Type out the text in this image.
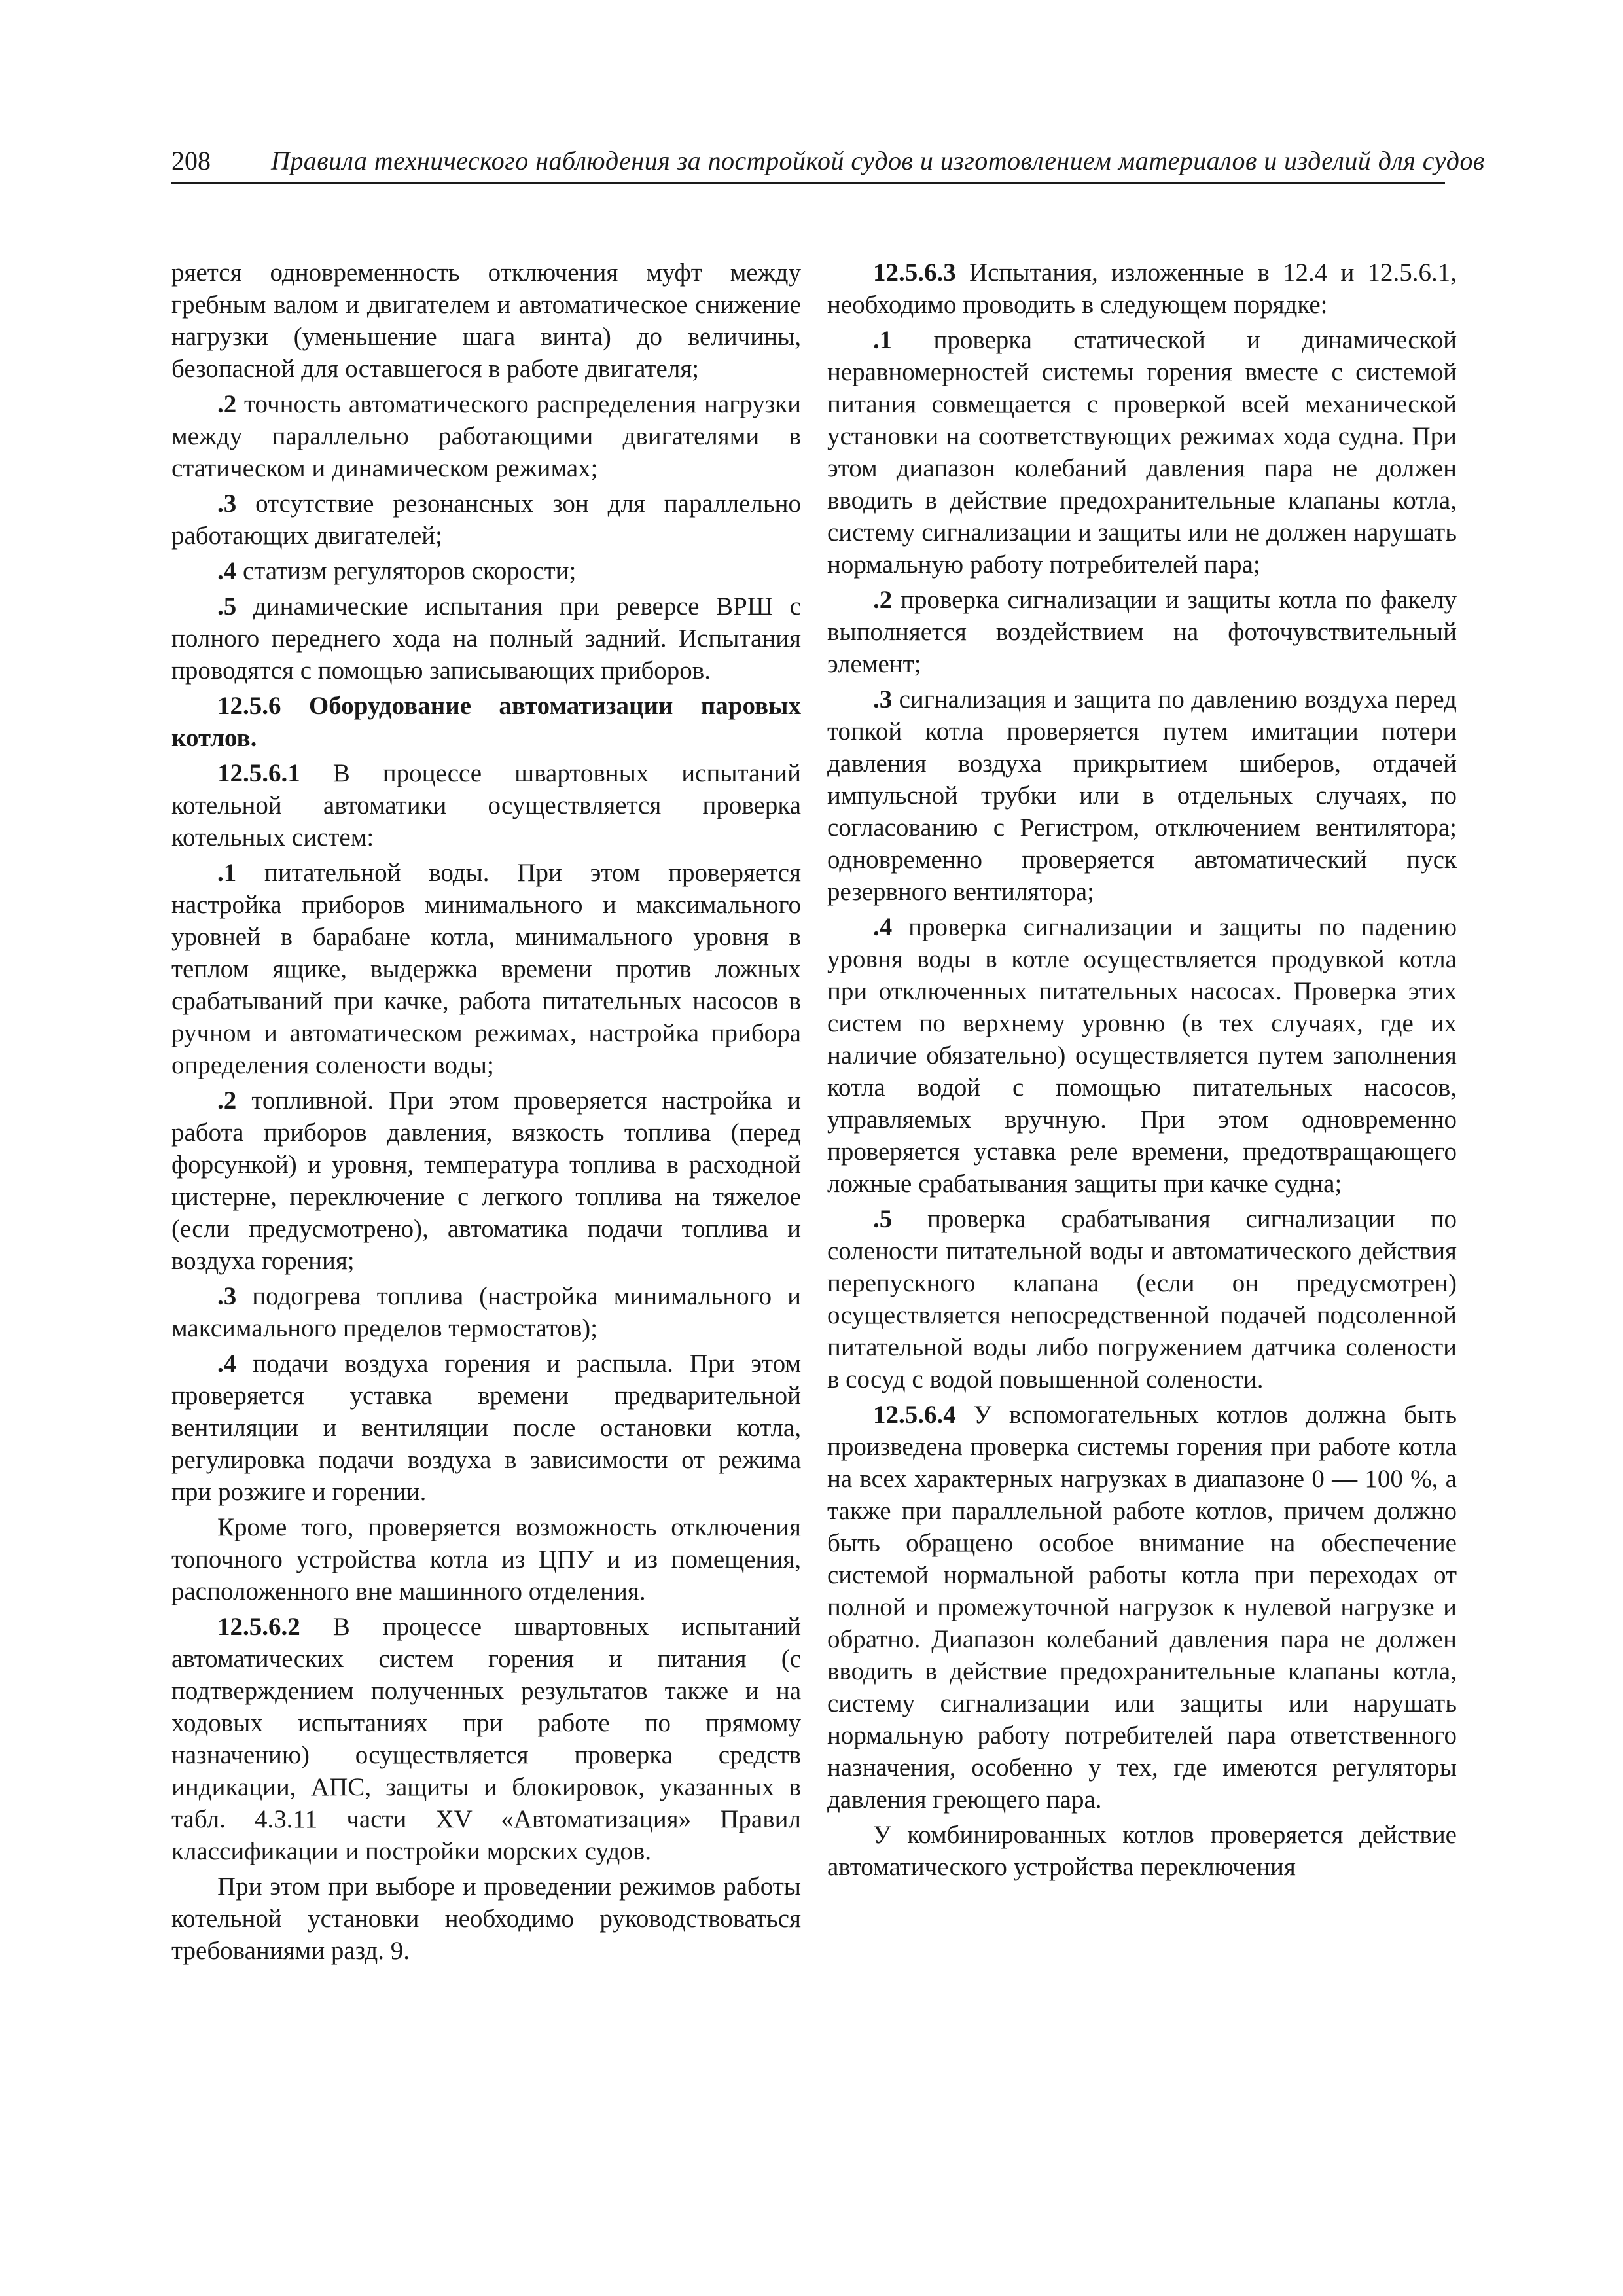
208 Правила технического наблюдения за постройкой судов и изготовлением материалов и изделий для судов

ряется одновременность отключения муфт между гребным валом и двигателем и автоматическое снижение нагрузки (уменьшение шага винта) до величины, безопасной для оставшегося в работе двигателя;

.2 точность автоматического распределения нагрузки между параллельно работающими двигателями в статическом и динамическом режимах;

.3 отсутствие резонансных зон для параллельно работающих двигателей;

.4 статизм регуляторов скорости;

.5 динамические испытания при реверсе ВРШ с полного переднего хода на полный задний. Испытания проводятся с помощью записывающих приборов.

12.5.6 Оборудование автоматизации паровых котлов.

12.5.6.1 В процессе швартовных испытаний котельной автоматики осуществляется проверка котельных систем:

.1 питательной воды. При этом проверяется настройка приборов минимального и максимального уровней в барабане котла, минимального уровня в теплом ящике, выдержка времени против ложных срабатываний при качке, работа питательных насосов в ручном и автоматическом режимах, настройка прибора определения солености воды;

.2 топливной. При этом проверяется настройка и работа приборов давления, вязкость топлива (перед форсункой) и уровня, температура топлива в расходной цистерне, переключение с легкого топлива на тяжелое (если предусмотрено), автоматика подачи топлива и воздуха горения;

.3 подогрева топлива (настройка минимального и максимального пределов термостатов);

.4 подачи воздуха горения и распыла. При этом проверяется уставка времени предварительной вентиляции и вентиляции после остановки котла, регулировка подачи воздуха в зависимости от режима при розжиге и горении.

Кроме того, проверяется возможность отключения топочного устройства котла из ЦПУ и из помещения, расположенного вне машинного отделения.

12.5.6.2 В процессе швартовных испытаний автоматических систем горения и питания (с подтверждением полученных результатов также и на ходовых испытаниях при работе по прямому назначению) осуществляется проверка средств индикации, АПС, защиты и блокировок, указанных в табл. 4.3.11 части XV «Автоматизация» Правил классификации и постройки морских судов.

При этом при выборе и проведении режимов работы котельной установки необходимо руководствоваться требованиями разд. 9.

12.5.6.3 Испытания, изложенные в 12.4 и 12.5.6.1, необходимо проводить в следующем порядке:

.1 проверка статической и динамической неравномерностей системы горения вместе с системой питания совмещается с проверкой всей механической установки на соответствующих режимах хода судна. При этом диапазон колебаний давления пара не должен вводить в действие предохранительные клапаны котла, систему сигнализации и защиты или не должен нарушать нормальную работу потребителей пара;

.2 проверка сигнализации и защиты котла по факелу выполняется воздействием на фоточувствительный элемент;

.3 сигнализация и защита по давлению воздуха перед топкой котла проверяется путем имитации потери давления воздуха прикрытием шиберов, отдачей импульсной трубки или в отдельных случаях, по согласованию с Регистром, отключением вентилятора; одновременно проверяется автоматический пуск резервного вентилятора;

.4 проверка сигнализации и защиты по падению уровня воды в котле осуществляется продувкой котла при отключенных питательных насосах. Проверка этих систем по верхнему уровню (в тех случаях, где их наличие обязательно) осуществляется путем заполнения котла водой с помощью питательных насосов, управляемых вручную. При этом одновременно проверяется уставка реле времени, предотвращающего ложные срабатывания защиты при качке судна;

.5 проверка срабатывания сигнализации по солености питательной воды и автоматического действия перепускного клапана (если он предусмотрен) осуществляется непосредственной подачей подсоленной питательной воды либо погружением датчика солености в сосуд с водой повышенной солености.

12.5.6.4 У вспомогательных котлов должна быть произведена проверка системы горения при работе котла на всех характерных нагрузках в диапазоне 0 — 100 %, а также при параллельной работе котлов, причем должно быть обращено особое внимание на обеспечение системой нормальной работы котла при переходах от полной и промежуточной нагрузок к нулевой нагрузке и обратно. Диапазон колебаний давления пара не должен вводить в действие предохранительные клапаны котла, систему сигнализации или защиты или нарушать нормальную работу потребителей пара ответственного назначения, особенно у тех, где имеются регуляторы давления греющего пара.

У комбинированных котлов проверяется действие автоматического устройства переключения
